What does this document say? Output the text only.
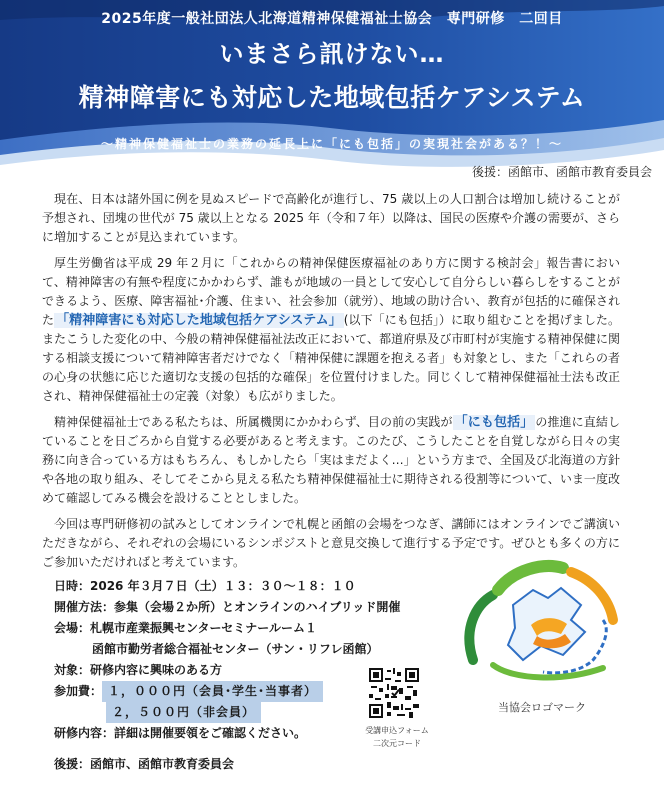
2025年度一般社団法人北海道精神保健福祉士協会　専門研修　二回目
いまさら訊けない…
精神障害にも対応した地域包括ケアシステム
～精神保健福祉士の業務の延長上に「にも包括」の実現社会がある？！～
後援：函館市、函館市教育委員会

現在、日本は諸外国に例を見ぬスピードで高齢化が進行し、75 歳以上の人口割合は増加し続けることが予想され、団塊の世代が 75 歳以上となる 2025 年（令和７年）以降は、国民の医療や介護の需要が、さらに増加することが見込まれています。

厚生労働省は平成 29 年２月に「これからの精神保健医療福祉のあり方に関する検討会」報告書において、精神障害の有無や程度にかかわらず、誰もが地域の一員として安心して自分らしい暮らしをすることができるよう、医療、障害福祉･介護、住まい、社会参加（就労）、地域の助け合い、教育が包括的に確保された 「精神障害にも対応した地域包括ケアシステム」 (以下「にも包括」）に取り組むことを掲げました。またこうした変化の中、今般の精神保健福祉法改正において、都道府県及び市町村が実施する精神保健に関する相談支援について精神障害者だけでなく「精神保健に課題を抱える者」も対象とし、また「これらの者の心身の状態に応じた適切な支援の包括的な確保」を位置付けました。同じくして精神保健福祉士法も改正され、精神保健福祉士の定義（対象）も広がりました。

精神保健福祉士である私たちは、所属機関にかかわらず、目の前の実践が 「にも包括」 の推進に直結していることを日ごろから自覚する必要があると考えます。このたび、こうしたことを自覚しながら日々の実務に向き合っている方はもちろん、もしかしたら「実はまだよく…」という方まで、全国及び北海道の方針や各地の取り組み、そしてそこから見える私たち精神保健福祉士に期待される役割等について、いま一度改めて確認してみる機会を設けることとしました。

今回は専門研修初の試みとしてオンラインで札幌と函館の会場をつなぎ、講師にはオンラインでご講演いただきながら、それぞれの会場にいるシンポジストと意見交換して進行する予定です。ぜひとも多くの方にご参加いただければと考えています。

日時：2026 年３月７日（土）１３：３０～１８：１０
開催方法：参集（会場２か所）とオンラインのハイブリッド開催
会場：札幌市産業振興センターセミナールーム１
函館市勤労者総合福祉センター（サン・リフレ函館）
対象：研修内容に興味のある方
参加費： １，０００円（会員･学生･当事者）
２，５００円（非会員）
研修内容：詳細は開催要領をご確認ください。
後援：函館市、函館市教育委員会
受講申込フォーム
二次元コード
当協会ロゴマーク
